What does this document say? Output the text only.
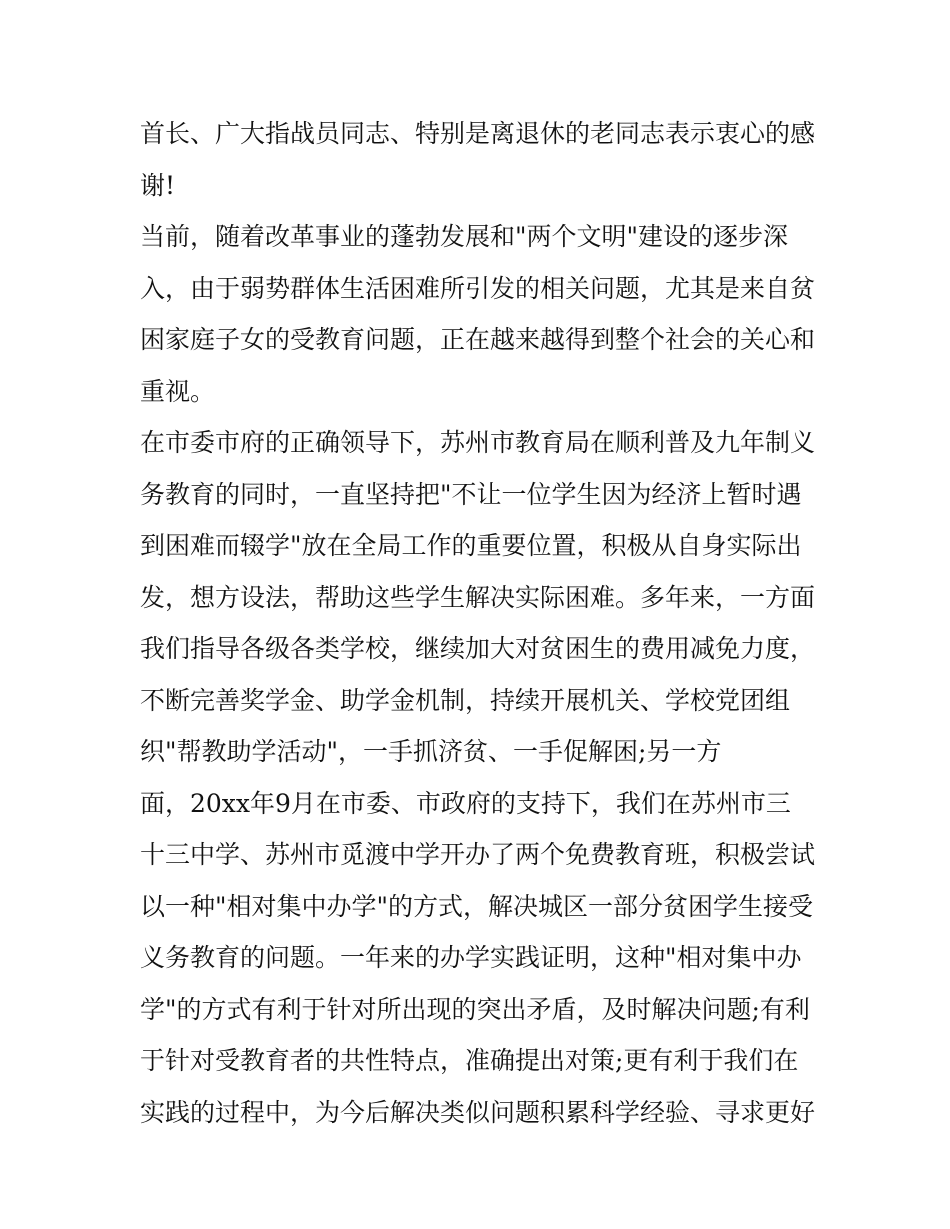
首长、广大指战员同志、特别是离退休的老同志表示衷心的感
谢!
当前，随着改革事业的蓬勃发展和"两个文明"建设的逐步深
入，由于弱势群体生活困难所引发的相关问题，尤其是来自贫
困家庭子女的受教育问题，正在越来越得到整个社会的关心和
重视。
在市委市府的正确领导下，苏州市教育局在顺利普及九年制义
务教育的同时，一直坚持把"不让一位学生因为经济上暂时遇
到困难而辍学"放在全局工作的重要位置，积极从自身实际出
发，想方设法，帮助这些学生解决实际困难。多年来，一方面
我们指导各级各类学校，继续加大对贫困生的费用减免力度，
不断完善奖学金、助学金机制，持续开展机关、学校党团组
织"帮教助学活动"，一手抓济贫、一手促解困;另一方
面，20xx年9月在市委、市政府的支持下，我们在苏州市三
十三中学、苏州市觅渡中学开办了两个免费教育班，积极尝试
以一种"相对集中办学"的方式，解决城区一部分贫困学生接受
义务教育的问题。一年来的办学实践证明，这种"相对集中办
学"的方式有利于针对所出现的突出矛盾，及时解决问题;有利
于针对受教育者的共性特点，准确提出对策;更有利于我们在
实践的过程中，为今后解决类似问题积累科学经验、寻求更好
